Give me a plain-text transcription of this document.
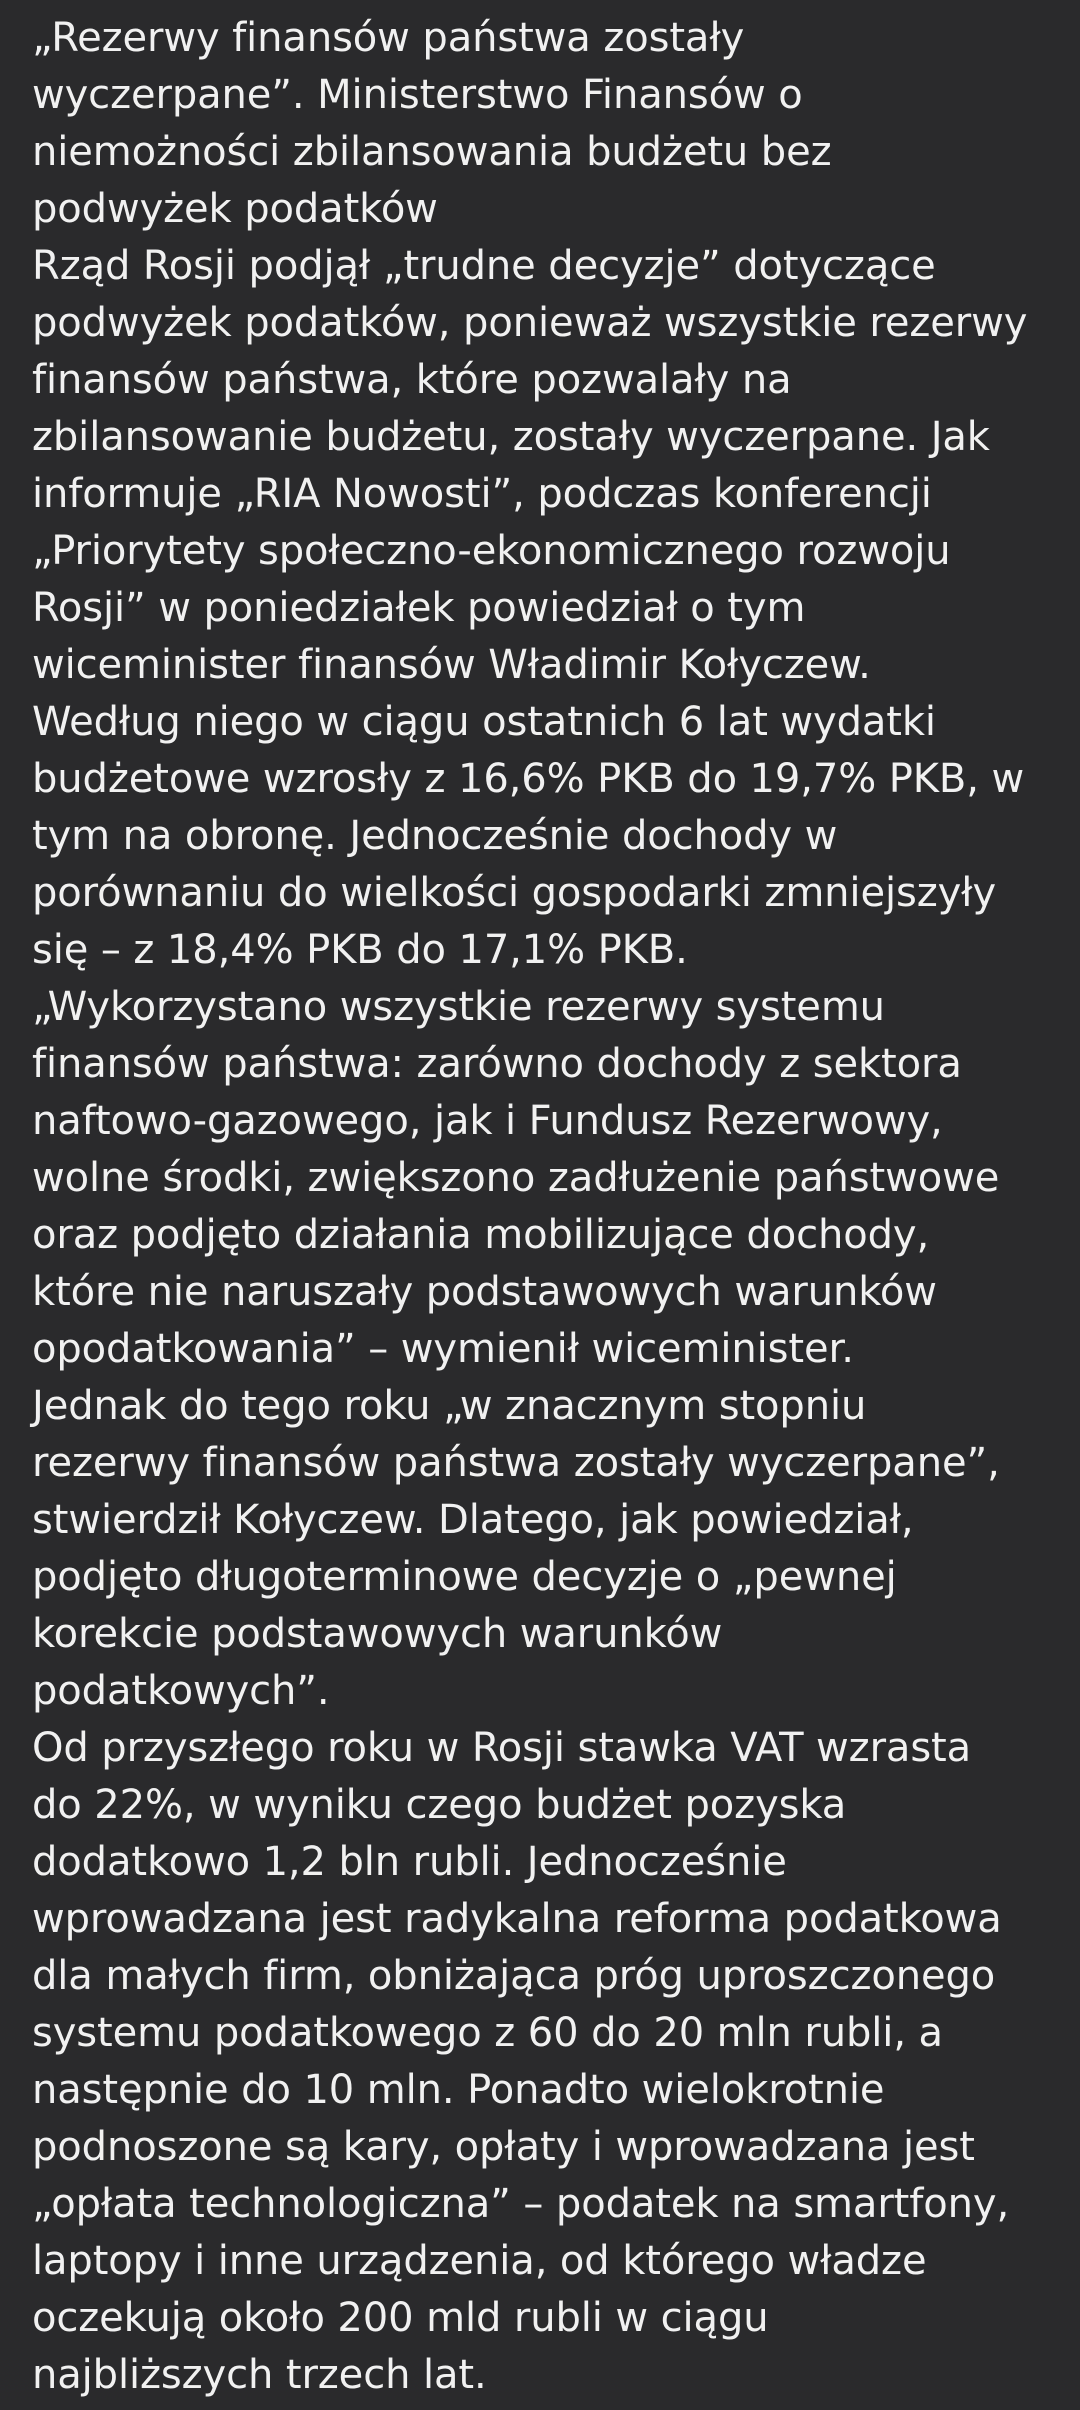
„Rezerwy finansów państwa zostały
wyczerpane”. Ministerstwo Finansów o
niemożności zbilansowania budżetu bez
podwyżek podatków
Rząd Rosji podjął „trudne decyzje” dotyczące
podwyżek podatków, ponieważ wszystkie rezerwy
finansów państwa, które pozwalały na
zbilansowanie budżetu, zostały wyczerpane. Jak
informuje „RIA Nowosti”, podczas konferencji
„Priorytety społeczno-ekonomicznego rozwoju
Rosji” w poniedziałek powiedział o tym
wiceminister finansów Władimir Kołyczew.
Według niego w ciągu ostatnich 6 lat wydatki
budżetowe wzrosły z 16,6% PKB do 19,7% PKB, w
tym na obronę. Jednocześnie dochody w
porównaniu do wielkości gospodarki zmniejszyły
się – z 18,4% PKB do 17,1% PKB.
„Wykorzystano wszystkie rezerwy systemu
finansów państwa: zarówno dochody z sektora
naftowo-gazowego, jak i Fundusz Rezerwowy,
wolne środki, zwiększono zadłużenie państwowe
oraz podjęto działania mobilizujące dochody,
które nie naruszały podstawowych warunków
opodatkowania” – wymienił wiceminister.
Jednak do tego roku „w znacznym stopniu
rezerwy finansów państwa zostały wyczerpane”,
stwierdził Kołyczew. Dlatego, jak powiedział,
podjęto długoterminowe decyzje o „pewnej
korekcie podstawowych warunków
podatkowych”.
Od przyszłego roku w Rosji stawka VAT wzrasta
do 22%, w wyniku czego budżet pozyska
dodatkowo 1,2 bln rubli. Jednocześnie
wprowadzana jest radykalna reforma podatkowa
dla małych firm, obniżająca próg uproszczonego
systemu podatkowego z 60 do 20 mln rubli, a
następnie do 10 mln. Ponadto wielokrotnie
podnoszone są kary, opłaty i wprowadzana jest
„opłata technologiczna” – podatek na smartfony,
laptopy i inne urządzenia, od którego władze
oczekują około 200 mld rubli w ciągu
najbliższych trzech lat.
